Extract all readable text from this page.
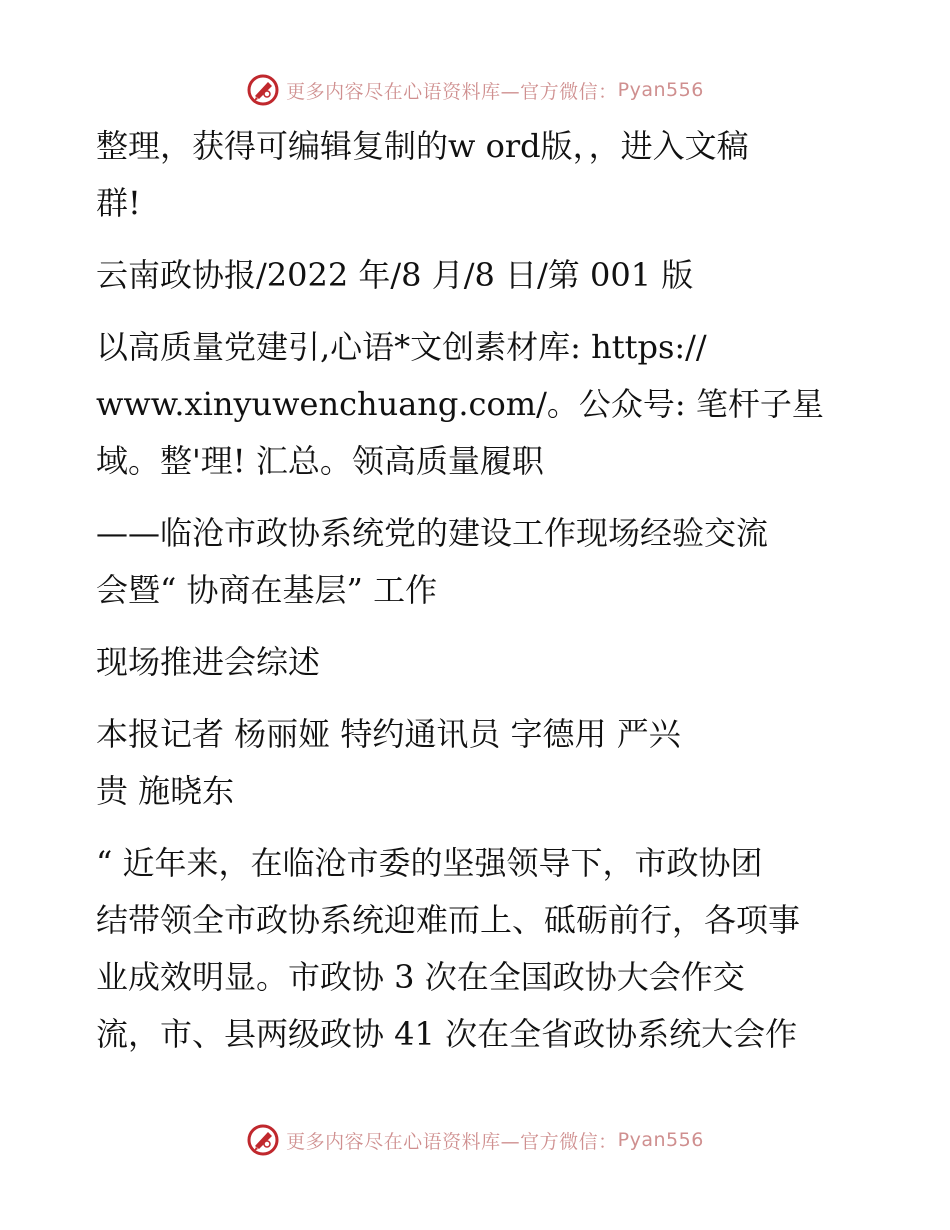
更多内容尽在心语资料库—官方微信： Pyan556

整理，获得可编辑复制的w ord版，，进入文稿
群!

云南政协报/2022 年/8 月/8 日/第 001 版

以高质量党建引,心语*文创素材库: https://
www.xinyuwenchuang.com/。公众号: 笔杆子星
域。整'理! 汇总。领高质量履职

——临沧市政协系统党的建设工作现场经验交流
会暨“ 协商在基层” 工作

现场推进会综述

本报记者 杨丽娅 特约通讯员 字德用 严兴
贵 施晓东

“ 近年来，在临沧市委的坚强领导下，市政协团
结带领全市政协系统迎难而上、砥砺前行，各项事
业成效明显。市政协 3 次在全国政协大会作交
流，市、县两级政协 41 次在全省政协系统大会作

更多内容尽在心语资料库—官方微信： Pyan556
